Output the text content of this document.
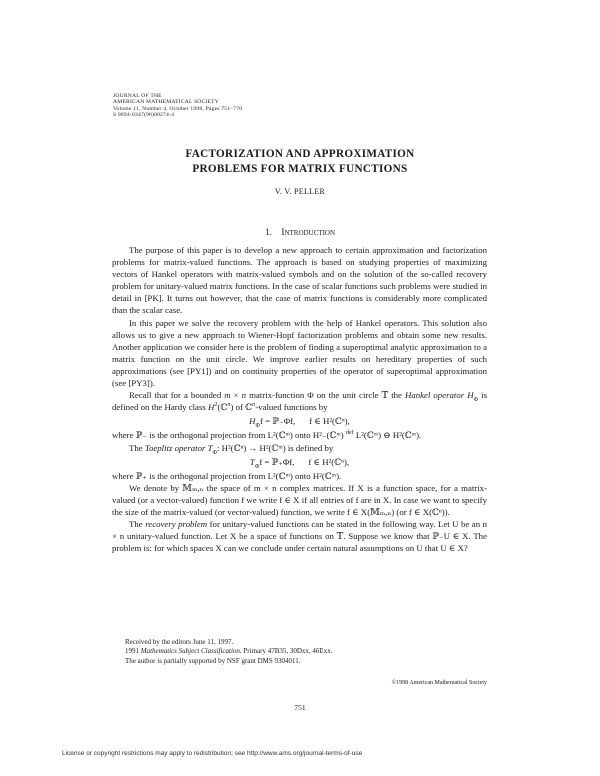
JOURNAL OF THE
AMERICAN MATHEMATICAL SOCIETY
Volume 11, Number 4, October 1998, Pages 751–770
S 0894-0347(98)00274-4
FACTORIZATION AND APPROXIMATION
PROBLEMS FOR MATRIX FUNCTIONS
V. V. PELLER
1. Introduction

The purpose of this paper is to develop a new approach to certain approximation and factorization problems for matrix-valued functions. The approach is based on studying properties of maximizing vectors of Hankel operators with matrix-valued symbols and on the solution of the so-called recovery problem for unitary-valued matrix functions. In the case of scalar functions such problems were studied in detail in [PK]. It turns out however, that the case of matrix functions is considerably more complicated than the scalar case.

In this paper we solve the recovery problem with the help of Hankel operators. This solution also allows us to give a new approach to Wiener-Hopf factorization problems and obtain some new results. Another application we consider here is the problem of finding a superoptimal analytic approximation to a matrix function on the unit circle. We improve earlier results on hereditary properties of such approximations (see [PY1]) and on continuity properties of the operator of superoptimal approximation (see [PY3]).

Recall that for a bounded m × n matrix-function Φ on the unit circle 𝕋 the Hankel operator $H_\Phi$ is defined on the Hardy class $H^2(ℂ^n)$ of ℂ$^n$-valued functions by

$H_\Phi f$ = ℙ₋Φf, f ∈ H²(ℂⁿ),

where ℙ₋ is the orthogonal projection from L²(ℂᵐ) onto H²₋(ℂᵐ) $^{def}$ L²(ℂᵐ) ⊖ H²(ℂᵐ).

The Toeplitz operator $T_\Phi$: H²(ℂⁿ) → H²(ℂᵐ) is defined by

$T_\Phi f$ = ℙ₊Φf, f ∈ H²(ℂⁿ),

where ℙ₊ is the orthogonal projection from L²(ℂᵐ) onto H²(ℂᵐ).

We denote by 𝕄ₘ,ₙ the space of m × n complex matrices. If X is a function space, for a matrix-valued (or a vector-valued) function f we write f ∈ X if all entries of f are in X. In case we want to specify the size of the matrix-valued (or vector-valued) function, we write f ∈ X(𝕄ₘ,ₙ) (or f ∈ X(ℂⁿ)).

The recovery problem for unitary-valued functions can be stated in the following way. Let U be an n × n unitary-valued function. Let X be a space of functions on 𝕋. Suppose we know that ℙ₋U ∈ X. The problem is: for which spaces X can we conclude under certain natural assumptions on U that U ∈ X?

Received by the editors June 11, 1997.
1991 Mathematics Subject Classification. Primary 47B35, 30Dxx, 46Exx.
The author is partially supported by NSF grant DMS 9304011.
©1998 American Mathematical Society
751
License or copyright restrictions may apply to redistribution; see http://www.ams.org/journal-terms-of-use
